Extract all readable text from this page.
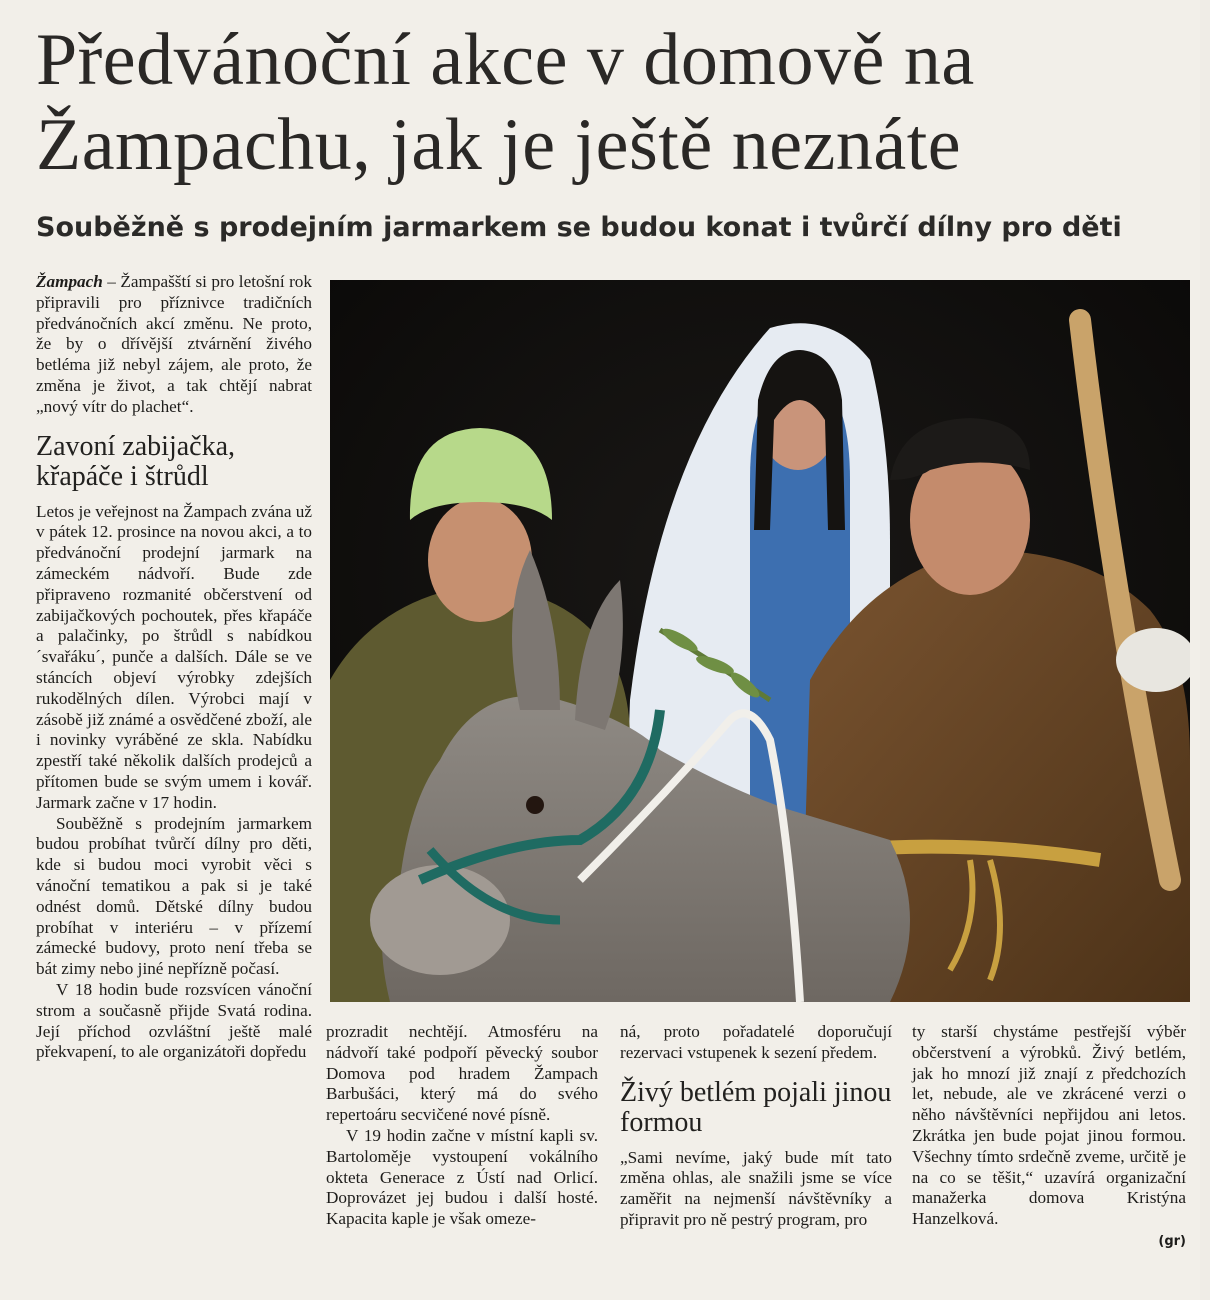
Předvánoční akce v domově na Žampachu, jak je ještě neznáte
Souběžně s prodejním jarmarkem se budou konat i tvůrčí dílny pro děti

Žampach – Žampašští si pro letošní rok připravili pro příznivce tradičních předvánočních akcí změnu. Ne proto, že by o dřívější ztvárnění živého betléma již nebyl zájem, ale proto, že změna je život, a tak chtějí nabrat „nový vítr do plachet“.

Zavoní zabijačka, křapáče i štrůdl

Letos je veřejnost na Žampach zvána už v pátek 12. prosince na novou akci, a to předvánoční prodejní jarmark na zámeckém nádvoří. Bude zde připraveno rozmanité občerstvení od zabijačkových pochoutek, přes křapáče a palačinky, po štrůdl s nabídkou ´svařáku´, punče a dalších. Dále se ve stáncích objeví výrobky zdejších rukodělných dílen. Výrobci mají v zásobě již známé a osvědčené zboží, ale i novinky vyráběné ze skla. Nabídku zpestří také několik dalších prodejců a přítomen bude se svým umem i kovář. Jarmark začne v 17 hodin.

Souběžně s prodejním jarmarkem budou probíhat tvůrčí dílny pro děti, kde si budou moci vyrobit věci s vánoční tematikou a pak si je také odnést domů. Dětské dílny budou probíhat v interiéru – v přízemí zámecké budovy, proto není třeba se bát zimy nebo jiné nepřízně počasí.

V 18 hodin bude rozsvícen vánoční strom a současně přijde Svatá rodina. Její příchod ozvláštní ještě malé překvapení, to ale organizátoři dopředu

prozradit nechtějí. Atmosféru na nádvoří také podpoří pěvecký soubor Domova pod hradem Žampach Barbušáci, který má do svého repertoáru secvičené nové písně.

V 19 hodin začne v místní kapli sv. Bartoloměje vystoupení vokálního okteta Generace z Ústí nad Orlicí. Doprovázet jej budou i další hosté. Kapacita kaple je však omeze-

ná, proto pořadatelé doporučují rezervaci vstupenek k sezení předem.

Živý betlém pojali jinou formou

„Sami nevíme, jaký bude mít tato změna ohlas, ale snažili jsme se více zaměřit na nejmenší návštěvníky a připravit pro ně pestrý program, pro

ty starší chystáme pestřejší výběr občerstvení a výrobků. Živý betlém, jak ho mnozí již znají z předchozích let, nebude, ale ve zkrácené verzi o něho návštěvníci nepřijdou ani letos. Zkrátka jen bude pojat jinou formou. Všechny tímto srdečně zveme, určitě je na co se těšit,“ uzavírá organizační manažerka domova Kristýna Hanzelková.

(gr)
